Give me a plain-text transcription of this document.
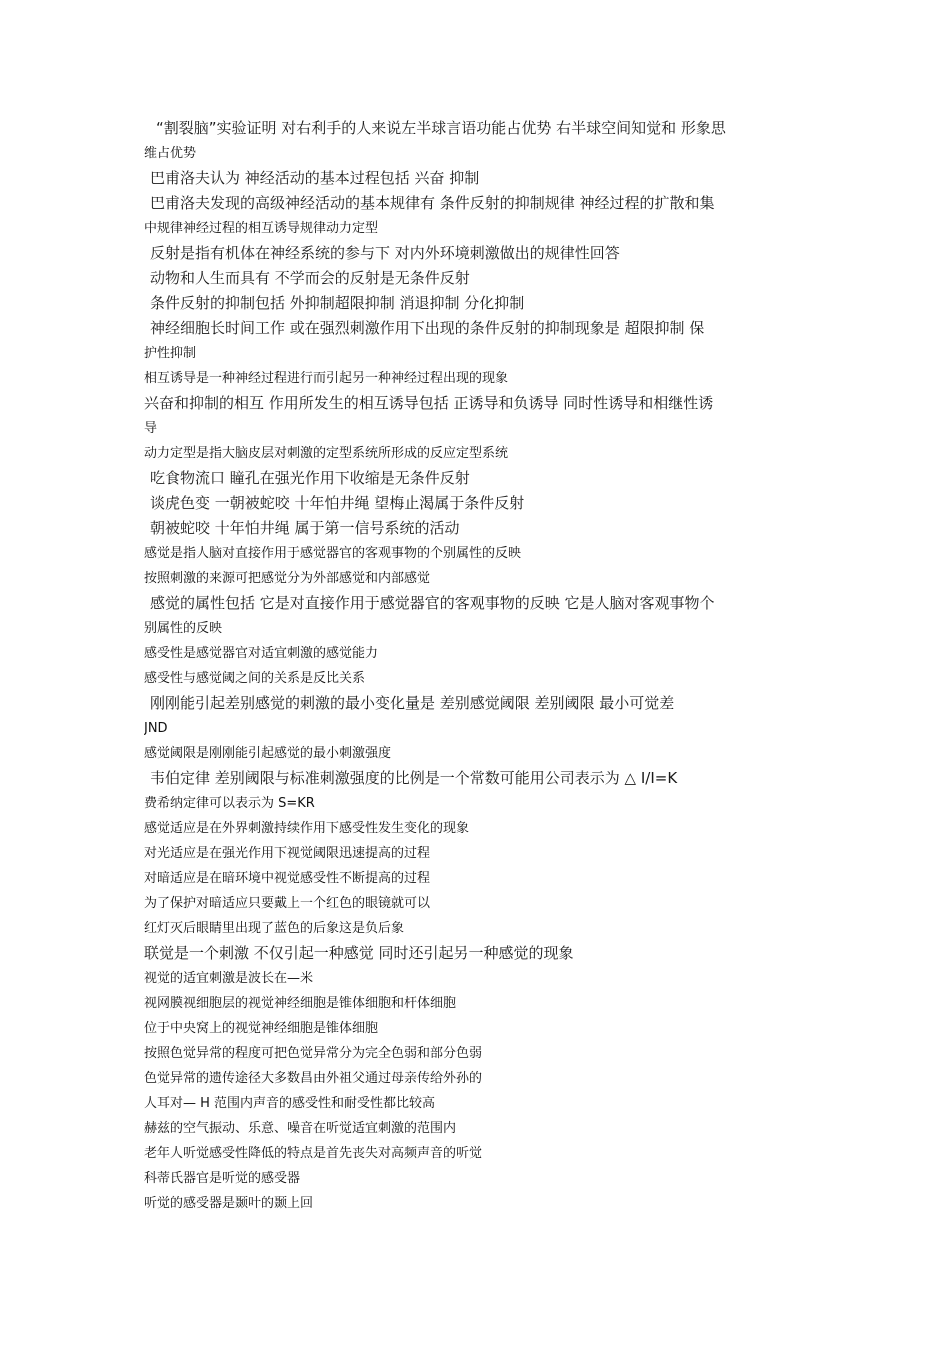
“割裂脑”实验证明 对右利手的人来说左半球言语功能占优势 右半球空间知觉和 形象思
维占优势
巴甫洛夫认为 神经活动的基本过程包括 兴奋 抑制
巴甫洛夫发现的高级神经活动的基本规律有 条件反射的抑制规律 神经过程的扩散和集
中规律神经过程的相互诱导规律动力定型
反射是指有机体在神经系统的参与下 对内外环境刺激做出的规律性回答
动物和人生而具有 不学而会的反射是无条件反射
条件反射的抑制包括 外抑制超限抑制 消退抑制 分化抑制
神经细胞长时间工作 或在强烈刺激作用下出现的条件反射的抑制现象是 超限抑制 保
护性抑制
相互诱导是一种神经过程进行而引起另一种神经过程出现的现象
兴奋和抑制的相互 作用所发生的相互诱导包括 正诱导和负诱导 同时性诱导和相继性诱
导
动力定型是指大脑皮层对刺激的定型系统所形成的反应定型系统
吃食物流口 瞳孔在强光作用下收缩是无条件反射
谈虎色变 一朝被蛇咬 十年怕井绳 望梅止渴属于条件反射
朝被蛇咬 十年怕井绳 属于第一信号系统的活动
感觉是指人脑对直接作用于感觉器官的客观事物的个别属性的反映
按照刺激的来源可把感觉分为外部感觉和内部感觉
感觉的属性包括 它是对直接作用于感觉器官的客观事物的反映 它是人脑对客观事物个
别属性的反映
感受性是感觉器官对适宜刺激的感觉能力
感受性与感觉阈之间的关系是反比关系
刚刚能引起差别感觉的刺激的最小变化量是 差别感觉阈限 差别阈限 最小可觉差
JND
感觉阈限是刚刚能引起感觉的最小刺激强度
韦伯定律 差别阈限与标准刺激强度的比例是一个常数可能用公司表示为 △ I/I=K
费希纳定律可以表示为 S=KR
感觉适应是在外界刺激持续作用下感受性发生变化的现象
对光适应是在强光作用下视觉阈限迅速提高的过程
对暗适应是在暗环境中视觉感受性不断提高的过程
为了保护对暗适应只要戴上一个红色的眼镜就可以
红灯灭后眼睛里出现了蓝色的后象这是负后象
联觉是一个刺激 不仅引起一种感觉 同时还引起另一种感觉的现象
视觉的适宜刺激是波长在—米
视网膜视细胞层的视觉神经细胞是锥体细胞和杆体细胞
位于中央窝上的视觉神经细胞是锥体细胞
按照色觉异常的程度可把色觉异常分为完全色弱和部分色弱
色觉异常的遗传途径大多数昌由外祖父通过母亲传给外孙的
人耳对— H 范围内声音的感受性和耐受性都比较高
赫兹的空气振动、乐意、噪音在听觉适宜刺激的范围内
老年人听觉感受性降低的特点是首先丧失对高频声音的听觉
科蒂氏器官是听觉的感受器
听觉的感受器是颞叶的颞上回
